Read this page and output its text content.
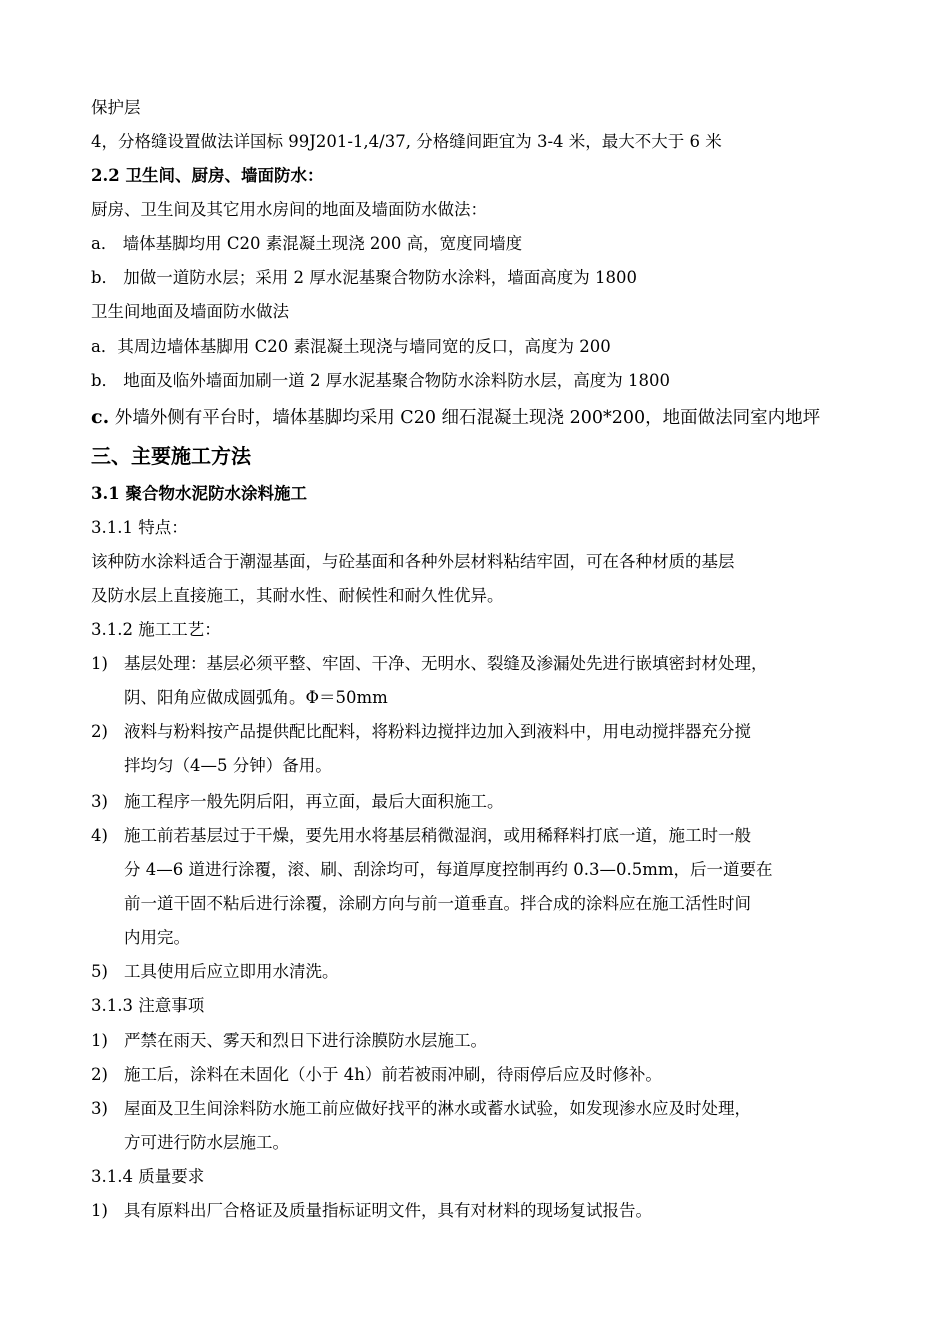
保护层
4，分格缝设置做法详国标 99J201-1,4/37, 分格缝间距宜为 3-4 米，最大不大于 6 米
2.2 卫生间、厨房、墙面防水：
厨房、卫生间及其它用水房间的地面及墙面防水做法：
a． 墙体基脚均用 C20 素混凝土现浇 200 高，宽度同墙度
b． 加做一道防水层；采用 2 厚水泥基聚合物防水涂料，墙面高度为 1800
卫生间地面及墙面防水做法
a．其周边墙体基脚用 C20 素混凝土现浇与墙同宽的反口，高度为 200
b． 地面及临外墙面加刷一道 2 厚水泥基聚合物防水涂料防水层，高度为 1800
c. 外墙外侧有平台时，墙体基脚均采用 C20 细石混凝土现浇 200*200，地面做法同室内地坪
三、主要施工方法
3.1 聚合物水泥防水涂料施工
3.1.1 特点：
该种防水涂料适合于潮湿基面，与砼基面和各种外层材料粘结牢固，可在各种材质的基层
及防水层上直接施工，其耐水性、耐候性和耐久性优异。
3.1.2 施工工艺：
1) 基层处理：基层必须平整、牢固、干净、无明水、裂缝及渗漏处先进行嵌填密封材处理，
阴、阳角应做成圆弧角。Φ＝50mm
2) 液料与粉料按产品提供配比配料，将粉料边搅拌边加入到液料中，用电动搅拌器充分搅
拌均匀（4—5 分钟）备用。
3) 施工程序一般先阴后阳，再立面，最后大面积施工。
4) 施工前若基层过于干燥，要先用水将基层稍微湿润，或用稀释料打底一道，施工时一般
分 4—6 道进行涂覆，滚、刷、刮涂均可，每道厚度控制再约 0.3—0.5mm，后一道要在
前一道干固不粘后进行涂覆，涂刷方向与前一道垂直。拌合成的涂料应在施工活性时间
内用完。
5) 工具使用后应立即用水清洗。
3.1.3 注意事项
1) 严禁在雨天、雾天和烈日下进行涂膜防水层施工。
2) 施工后，涂料在未固化（小于 4h）前若被雨冲刷，待雨停后应及时修补。
3) 屋面及卫生间涂料防水施工前应做好找平的淋水或蓄水试验，如发现渗水应及时处理，
方可进行防水层施工。
3.1.4 质量要求
1) 具有原料出厂合格证及质量指标证明文件，具有对材料的现场复试报告。
